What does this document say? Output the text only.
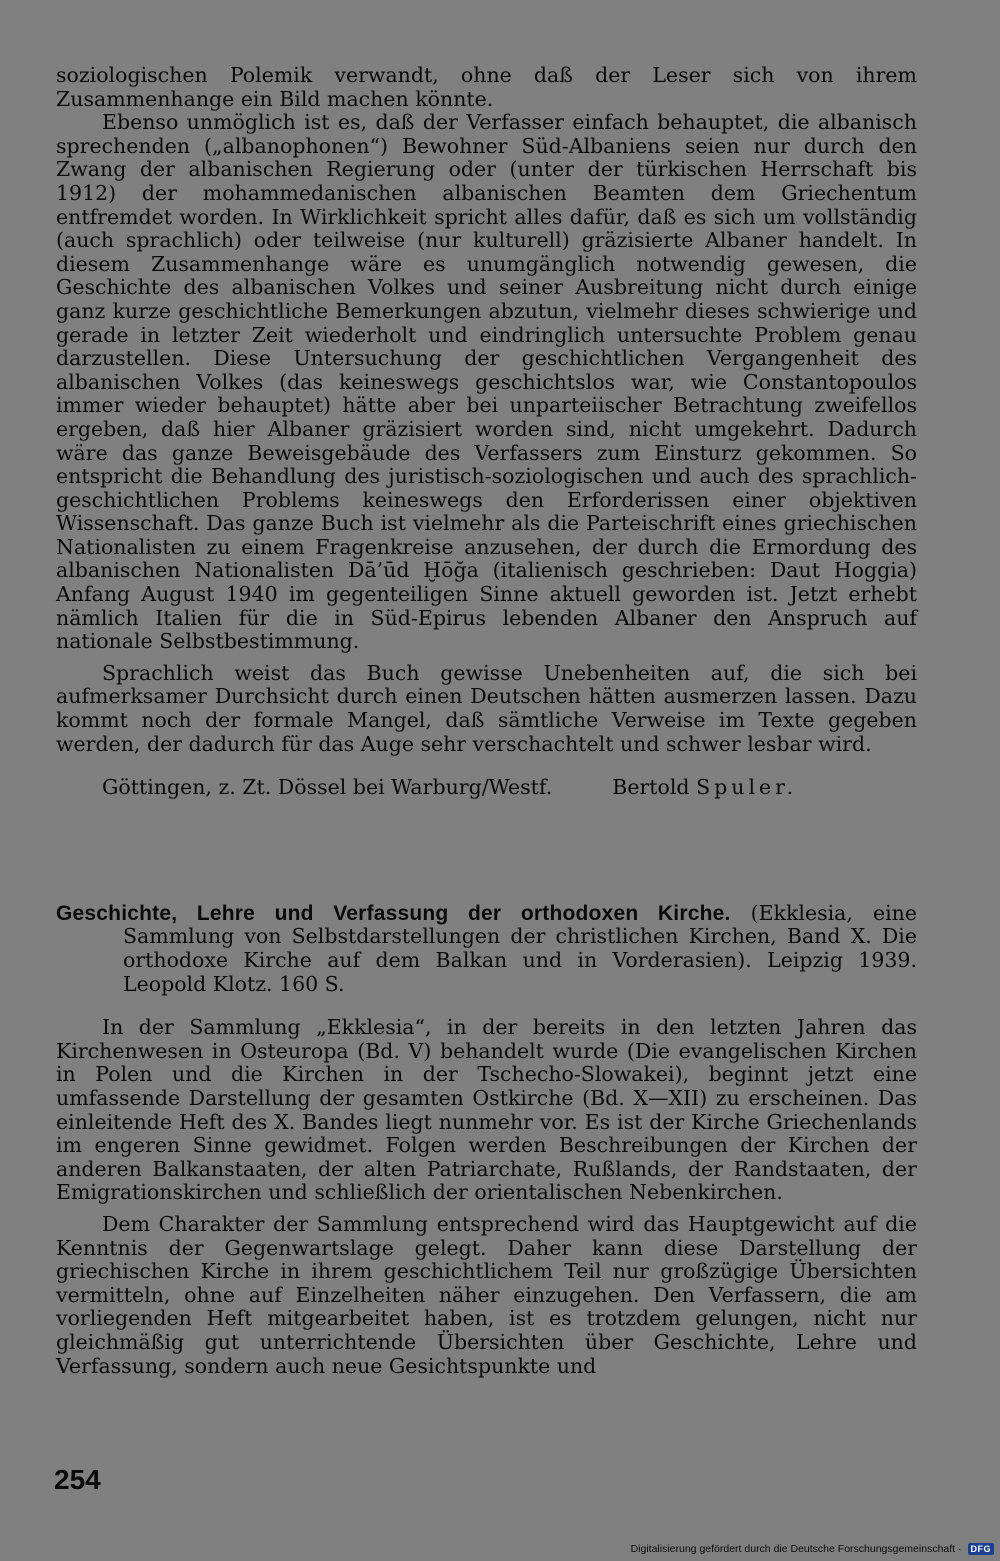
soziologischen Polemik verwandt, ohne daß der Leser sich von ihrem Zusammenhange ein Bild machen könnte.

Ebenso unmöglich ist es, daß der Verfasser einfach behauptet, die albanisch sprechenden („albanophonen“) Bewohner Süd-Albaniens seien nur durch den Zwang der albanischen Regierung oder (unter der türkischen Herrschaft bis 1912) der mohammedanischen albanischen Beamten dem Griechentum entfremdet worden. In Wirklichkeit spricht alles dafür, daß es sich um vollständig (auch sprachlich) oder teilweise (nur kulturell) gräzisierte Albaner handelt. In diesem Zusammenhange wäre es unumgänglich notwendig gewesen, die Geschichte des albanischen Volkes und seiner Ausbreitung nicht durch einige ganz kurze geschichtliche Bemerkungen abzutun, vielmehr dieses schwierige und gerade in letzter Zeit wiederholt und eindringlich untersuchte Problem genau darzustellen. Diese Untersuchung der geschichtlichen Vergangenheit des albanischen Volkes (das keineswegs geschichtslos war, wie Constantopoulos immer wieder behauptet) hätte aber bei unparteiischer Betrachtung zweifellos ergeben, daß hier Albaner gräzisiert worden sind, nicht umgekehrt. Dadurch wäre das ganze Beweisgebäude des Verfassers zum Einsturz gekommen. So entspricht die Behandlung des juristisch-soziologischen und auch des sprachlich-geschichtlichen Problems keineswegs den Erforderissen einer objektiven Wissenschaft. Das ganze Buch ist vielmehr als die Parteischrift eines griechischen Nationalisten zu einem Fragenkreise anzusehen, der durch die Ermordung des albanischen Nationalisten Dā’ūd Ḫōğa (italienisch geschrieben: Daut Hoggia) Anfang August 1940 im gegenteiligen Sinne aktuell geworden ist. Jetzt erhebt nämlich Italien für die in Süd-Epirus lebenden Albaner den Anspruch auf nationale Selbstbestimmung.

Sprachlich weist das Buch gewisse Unebenheiten auf, die sich bei aufmerksamer Durchsicht durch einen Deutschen hätten ausmerzen lassen. Dazu kommt noch der formale Mangel, daß sämtliche Verweise im Texte gegeben werden, der dadurch für das Auge sehr verschachtelt und schwer lesbar wird.

Göttingen, z. Zt. Dössel bei Warburg/Westf.	Bertold Spuler.

Geschichte, Lehre und Verfassung der orthodoxen Kirche. (Ekklesia, eine Sammlung von Selbstdarstellungen der christlichen Kirchen, Band X. Die orthodoxe Kirche auf dem Balkan und in Vorderasien). Leipzig 1939. Leopold Klotz. 160 S.

In der Sammlung „Ekklesia“, in der bereits in den letzten Jahren das Kirchenwesen in Osteuropa (Bd. V) behandelt wurde (Die evangelischen Kirchen in Polen und die Kirchen in der Tschecho-Slowakei), beginnt jetzt eine umfassende Darstellung der gesamten Ostkirche (Bd. X—XII) zu erscheinen. Das einleitende Heft des X. Bandes liegt nunmehr vor. Es ist der Kirche Griechenlands im engeren Sinne gewidmet. Folgen werden Beschreibungen der Kirchen der anderen Balkanstaaten, der alten Patriarchate, Rußlands, der Randstaaten, der Emigrationskirchen und schließlich der orientalischen Nebenkirchen.

Dem Charakter der Sammlung entsprechend wird das Hauptgewicht auf die Kenntnis der Gegenwartslage gelegt. Daher kann diese Darstellung der griechischen Kirche in ihrem geschichtlichem Teil nur großzügige Übersichten vermitteln, ohne auf Einzelheiten näher einzugehen. Den Verfassern, die am vorliegenden Heft mitgearbeitet haben, ist es trotzdem gelungen, nicht nur gleichmäßig gut unterrichtende Übersichten über Geschichte, Lehre und Verfassung, sondern auch neue Gesichtspunkte und

254
Digitalisierung gefördert durch die Deutsche Forschungsgemeinschaft ·	DFG
